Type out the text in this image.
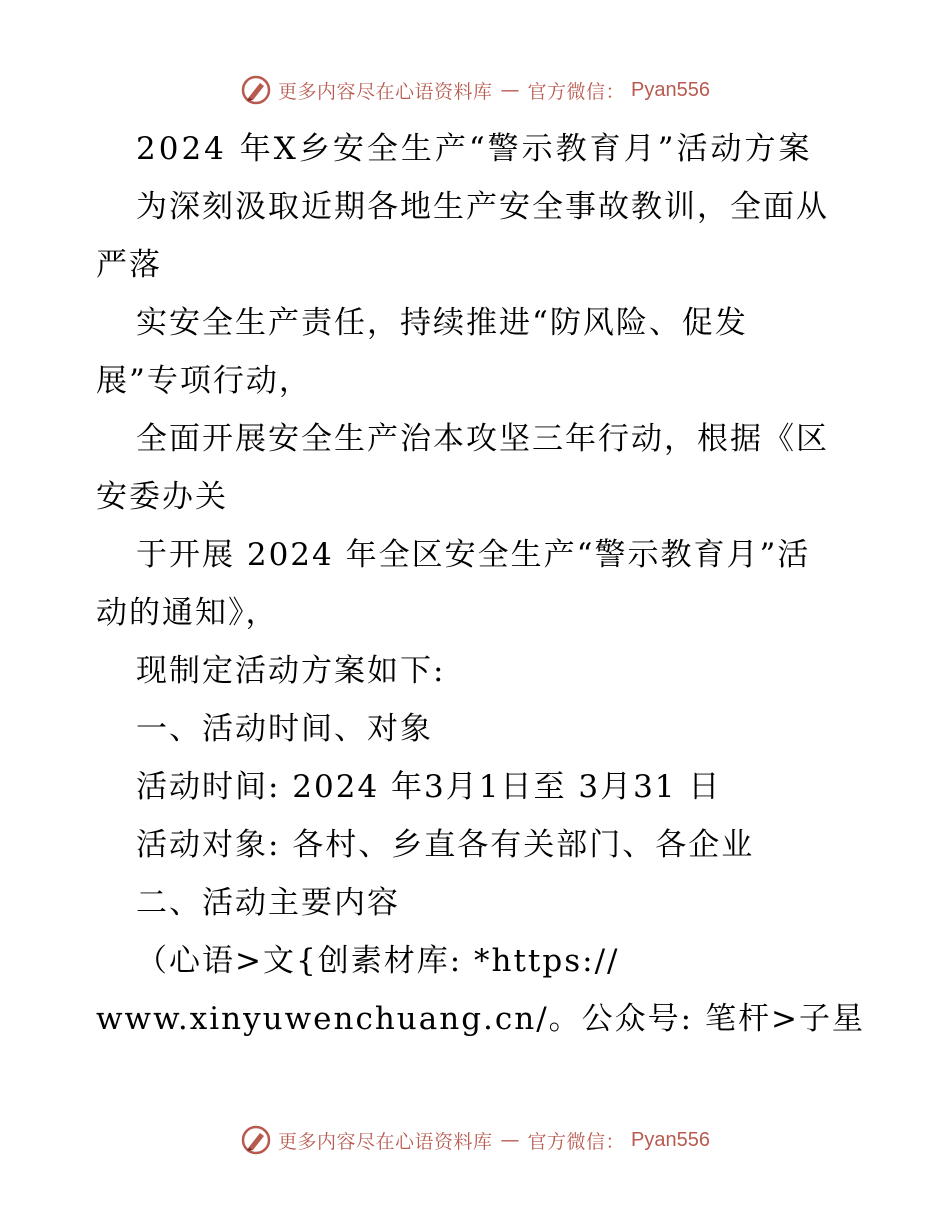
更多内容尽在心语资料库 — 官方微信： Pyan556
2024 年X乡安全生产“警示教育月”活动方案
为深刻汲取近期各地生产安全事故教训，全面从
严落
实安全生产责任，持续推进“防风险、促发
展”专项行动，
全面开展安全生产治本攻坚三年行动，根据《区
安委办关
于开展 2024 年全区安全生产“警示教育月”活
动的通知》，
现制定活动方案如下:
一、活动时间、对象
活动时间: 2024 年3月1日至 3月31 日
活动对象: 各村、乡直各有关部门、各企业
二、活动主要内容
（心语>文{创素材库: *https://
www.xinyuwenchuang.cn/。公众号: 笔杆>子星
更多内容尽在心语资料库 — 官方微信： Pyan556
